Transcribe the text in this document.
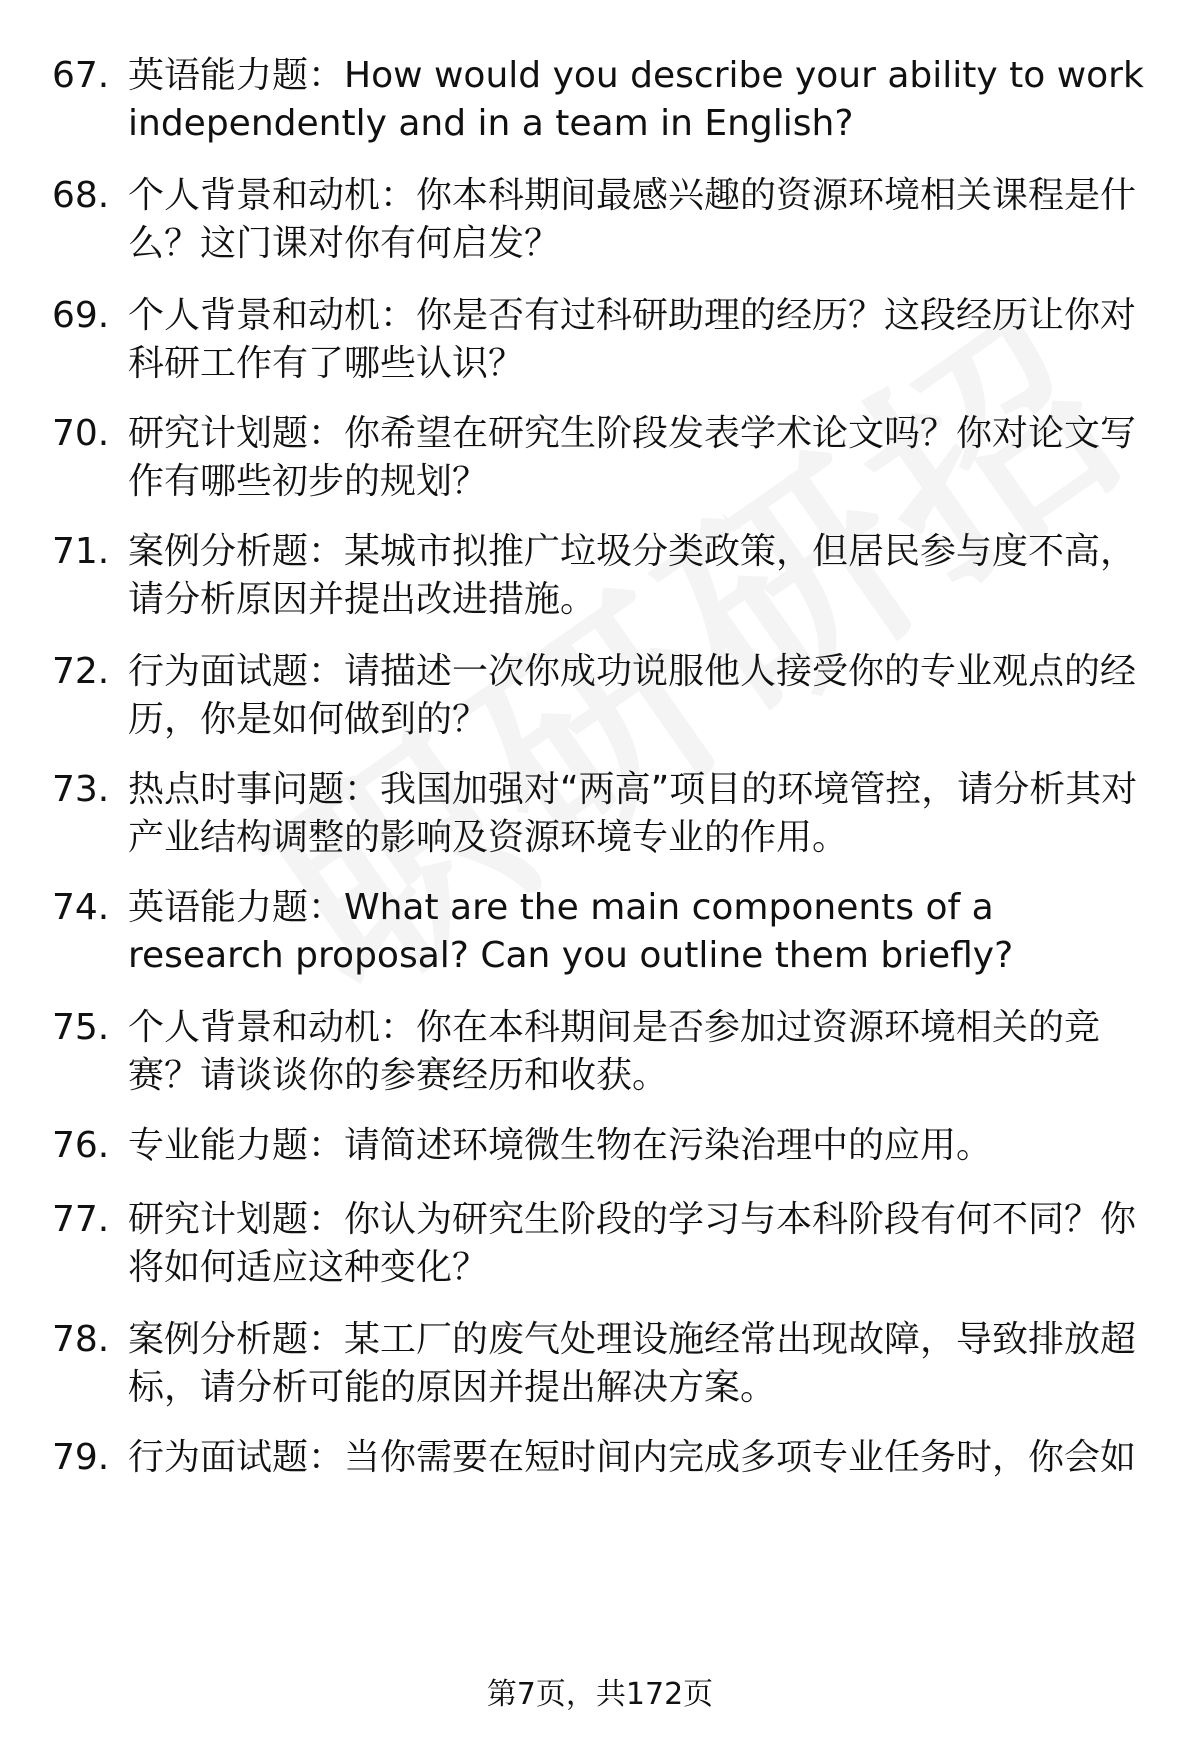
67. 英语能力题：How would you describe your ability to work independently and in a team in English?
68. 个人背景和动机：你本科期间最感兴趣的资源环境相关课程是什么？这门课对你有何启发？
69. 个人背景和动机：你是否有过科研助理的经历？这段经历让你对科研工作有了哪些认识？
70. 研究计划题：你希望在研究生阶段发表学术论文吗？你对论文写作有哪些初步的规划？
71. 案例分析题：某城市拟推广垃圾分类政策，但居民参与度不高，请分析原因并提出改进措施。
72. 行为面试题：请描述一次你成功说服他人接受你的专业观点的经历，你是如何做到的？
73. 热点时事问题：我国加强对“两高”项目的环境管控，请分析其对产业结构调整的影响及资源环境专业的作用。
74. 英语能力题：What are the main components of a research proposal? Can you outline them briefly?
75. 个人背景和动机：你在本科期间是否参加过资源环境相关的竞赛？请谈谈你的参赛经历和收获。
76. 专业能力题：请简述环境微生物在污染治理中的应用。
77. 研究计划题：你认为研究生阶段的学习与本科阶段有何不同？你将如何适应这种变化？
78. 案例分析题：某工厂的废气处理设施经常出现故障，导致排放超标，请分析可能的原因并提出解决方案。
79. 行为面试题：当你需要在短时间内完成多项专业任务时，你会如
第7页，共172页
